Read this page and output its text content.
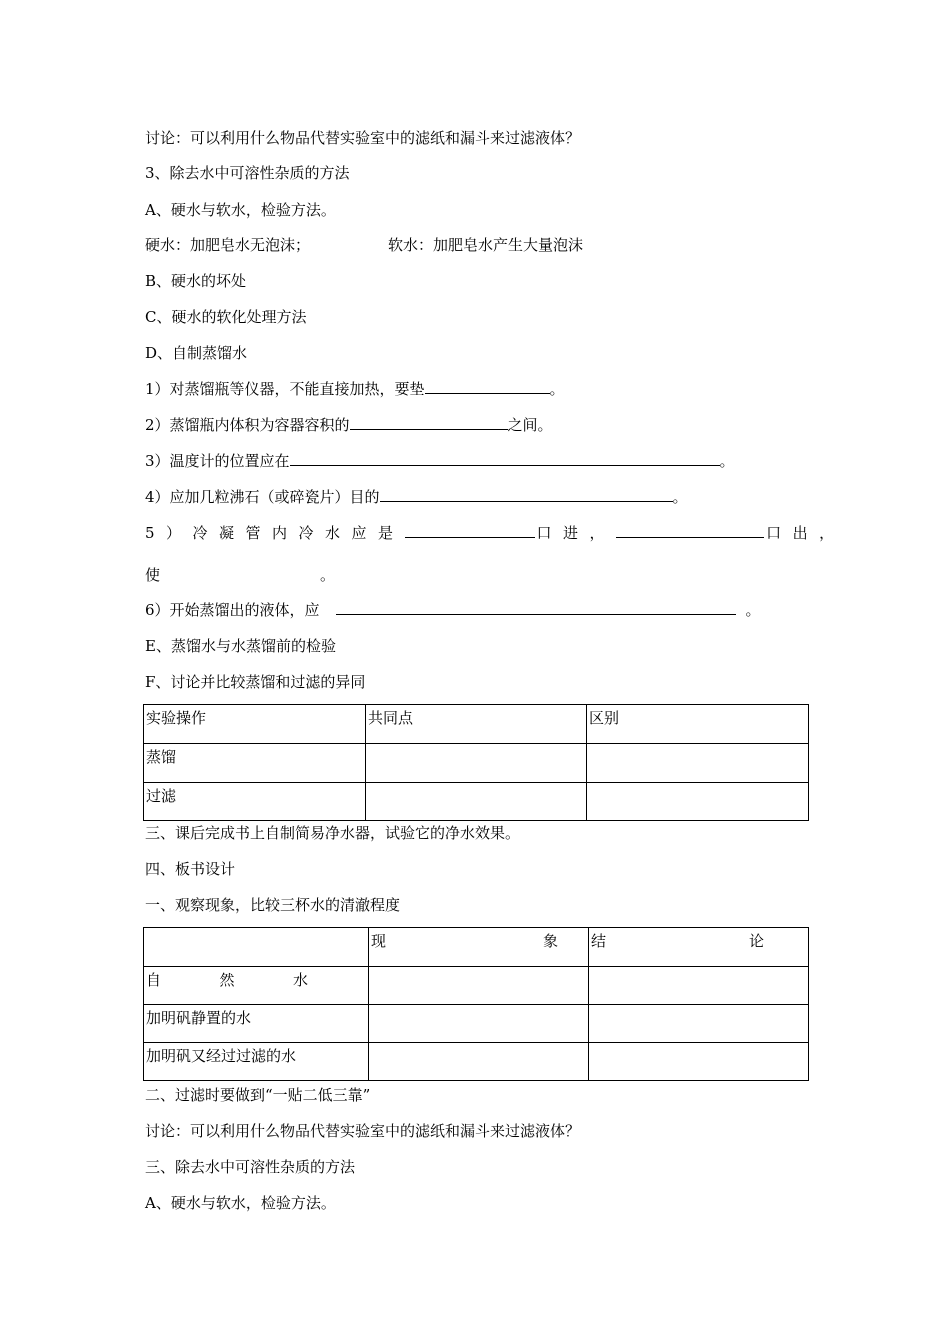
讨论：可以利用什么物品代替实验室中的滤纸和漏斗来过滤液体？
3、除去水中可溶性杂质的方法
A、硬水与软水，检验方法。
硬水：加肥皂水无泡沫；	软水：加肥皂水产生大量泡沫
B、硬水的坏处
C、硬水的软化处理方法
D、自制蒸馏水
1）对蒸馏瓶等仪器，不能直接加热，要垫	。
2）蒸馏瓶内体积为容器容积的	之间。
3）温度计的位置应在	。
4）应加几粒沸石（或碎瓷片）目的	。
5）冷凝管内冷水应是	口进，	口出，
使	。
6）开始蒸馏出的液体，应	。
E、蒸馏水与水蒸馏前的检验
F、讨论并比较蒸馏和过滤的异同
实验操作	共同点	区别
蒸馏		
过滤		
三、课后完成书上自制简易净水器，试验它的净水效果。
四、板书设计
一、观察现象，比较三杯水的清澈程度

	现 象	结 论

自 然 水		

加明矾静置的水		
加明矾又经过过滤的水		
二、过滤时要做到“一贴二低三靠”
讨论：可以利用什么物品代替实验室中的滤纸和漏斗来过滤液体？
三、除去水中可溶性杂质的方法
A、硬水与软水，检验方法。
